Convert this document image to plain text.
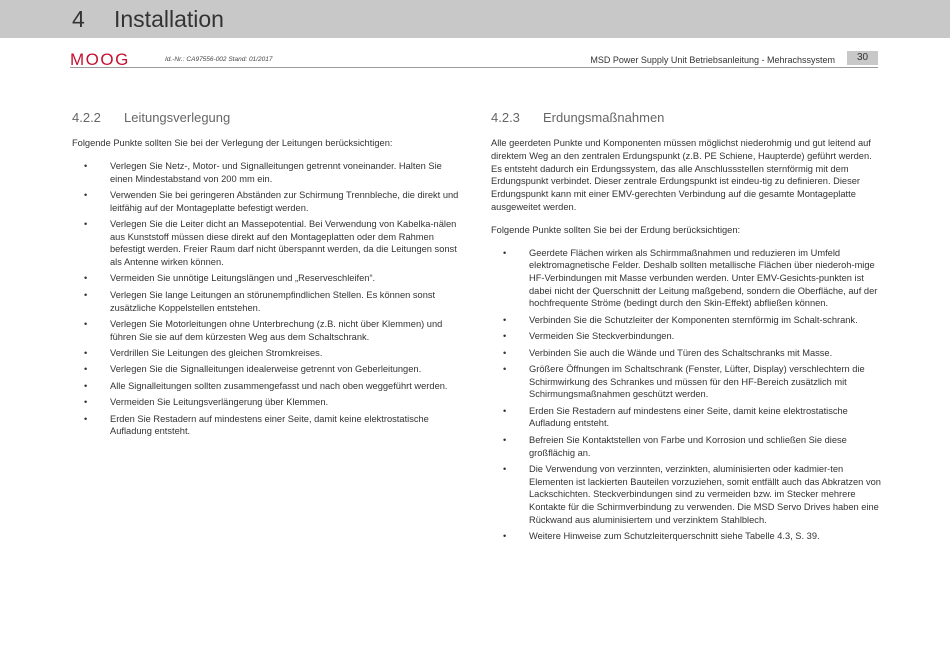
4 Installation
MOOG	Id.-Nr.: CA97556-002 Stand: 01/2017	MSD Power Supply Unit Betriebsanleitung - Mehrachssystem	30
4.2.2 Leitungsverlegung

Folgende Punkte sollten Sie bei der Verlegung der Leitungen berücksichtigen:

• Verlegen Sie Netz-, Motor- und Signalleitungen getrennt voneinander. Halten Sie einen Mindestabstand von 200 mm ein.
• Verwenden Sie bei geringeren Abständen zur Schirmung Trennbleche, die direkt und leitfähig auf der Montageplatte befestigt werden.
• Verlegen Sie die Leiter dicht an Massepotential. Bei Verwendung von Kabelka-nälen aus Kunststoff müssen diese direkt auf den Montageplatten oder dem Rahmen befestigt werden. Freier Raum darf nicht überspannt werden, da die Leitungen sonst als Antenne wirken können.
• Vermeiden Sie unnötige Leitungslängen und „Reserveschleifen“.
• Verlegen Sie lange Leitungen an störunempfindlichen Stellen. Es können sonst zusätzliche Koppelstellen entstehen.
• Verlegen Sie Motorleitungen ohne Unterbrechung (z.B. nicht über Klemmen) und führen Sie sie auf dem kürzesten Weg aus dem Schaltschrank.
• Verdrillen Sie Leitungen des gleichen Stromkreises.
• Verlegen Sie die Signalleitungen idealerweise getrennt von Geberleitungen.
• Alle Signalleitungen sollten zusammengefasst und nach oben weggeführt werden.
• Vermeiden Sie Leitungsverlängerung über Klemmen.
• Erden Sie Restadern auf mindestens einer Seite, damit keine elektrostatische Aufladung entsteht.
4.2.3 Erdungsmaßnahmen

Alle geerdeten Punkte und Komponenten müssen möglichst niederohmig und gut leitend auf direktem Weg an den zentralen Erdungspunkt (z.B. PE Schiene, Haupterde) geführt werden. Es entsteht dadurch ein Erdungssystem, das alle Anschlussstellen sternförmig mit dem Erdungspunkt verbindet. Dieser zentrale Erdungspunkt ist eindeu-tig zu definieren. Dieser Erdungspunkt kann mit einer EMV-gerechten Verbindung auf die gesamte Montageplatte ausgeweitet werden.

Folgende Punkte sollten Sie bei der Erdung berücksichtigen:

• Geerdete Flächen wirken als Schirmmaßnahmen und reduzieren im Umfeld elektromagnetische Felder. Deshalb sollten metallische Flächen über niederoh-mige HF-Verbindungen mit Masse verbunden werden. Unter EMV-Gesichts-punkten ist dabei nicht der Querschnitt der Leitung maßgebend, sondern die Oberfläche, auf der hochfrequente Ströme (bedingt durch den Skin-Effekt) abfließen können.
• Verbinden Sie die Schutzleiter der Komponenten sternförmig im Schalt-schrank.
• Vermeiden Sie Steckverbindungen.
• Verbinden Sie auch die Wände und Türen des Schaltschranks mit Masse.
• Größere Öffnungen im Schaltschrank (Fenster, Lüfter, Display) verschlechtern die Schirmwirkung des Schrankes und müssen für den HF-Bereich zusätzlich mit Schirmungsmaßnahmen geschützt werden.
• Erden Sie Restadern auf mindestens einer Seite, damit keine elektrostatische Aufladung entsteht.
• Befreien Sie Kontaktstellen von Farbe und Korrosion und schließen Sie diese großflächig an.
• Die Verwendung von verzinnten, verzinkten, aluminisierten oder kadmier-ten Elementen ist lackierten Bauteilen vorzuziehen, somit entfällt auch das Abkratzen von Lackschichten. Steckverbindungen sind zu vermeiden bzw. im Stecker mehrere Kontakte für die Schirmverbindung zu verwenden. Die MSD Servo Drives haben eine Rückwand aus aluminisiertem und verzinktem Stahlblech.
• Weitere Hinweise zum Schutzleiterquerschnitt siehe Tabelle 4.3, S. 39.
